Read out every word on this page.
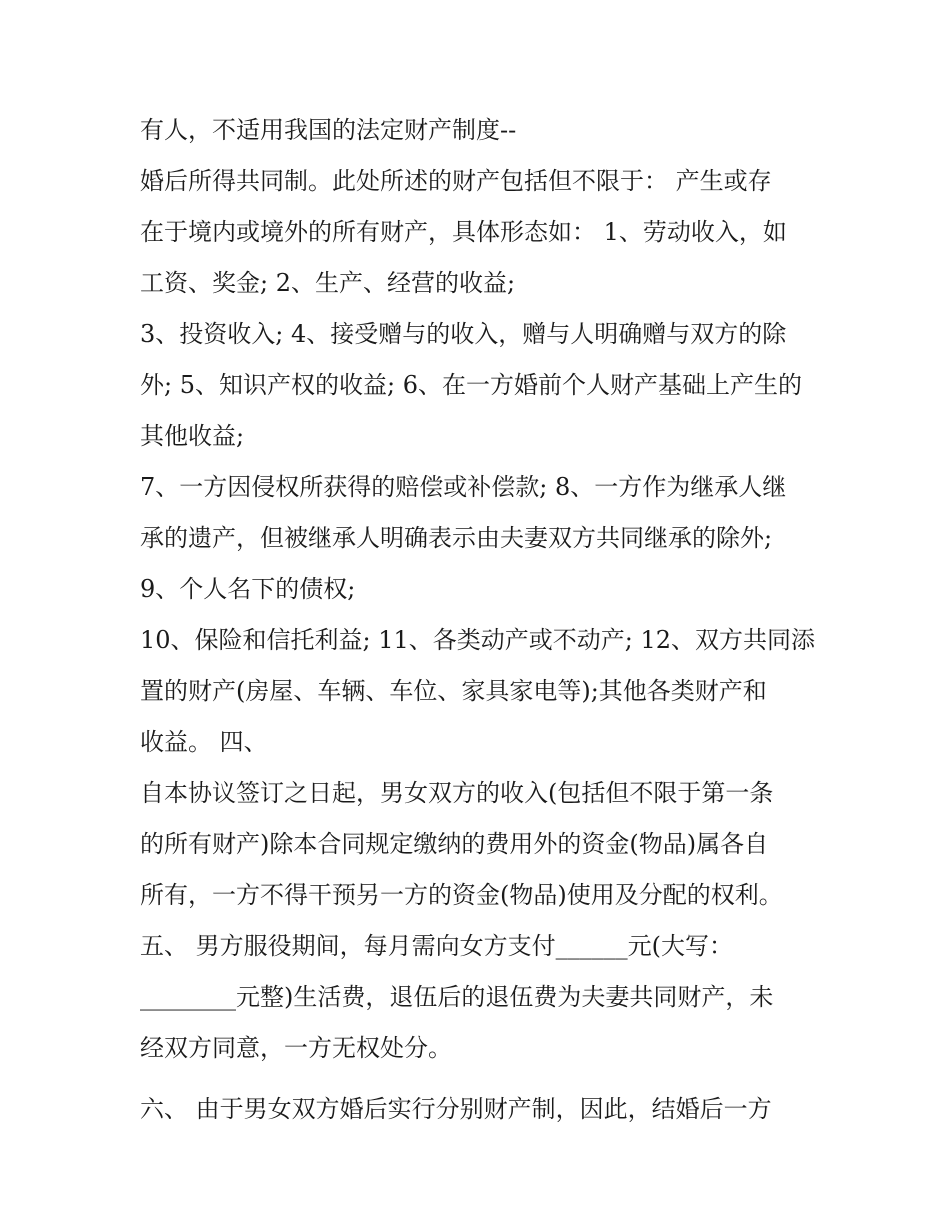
有人，不适用我国的法定财产制度--
婚后所得共同制。此处所述的财产包括但不限于： 产生或存
在于境内或境外的所有财产，具体形态如： 1、劳动收入，如
工资、奖金; 2、生产、经营的收益;
3、投资收入; 4、接受赠与的收入，赠与人明确赠与双方的除
外; 5、知识产权的收益; 6、在一方婚前个人财产基础上产生的
其他收益;
7、一方因侵权所获得的赔偿或补偿款; 8、一方作为继承人继
承的遗产，但被继承人明确表示由夫妻双方共同继承的除外;
9、个人名下的债权;
10、保险和信托利益; 11、各类动产或不动产; 12、双方共同添
置的财产(房屋、车辆、车位、家具家电等);其他各类财产和
收益。 四、
自本协议签订之日起，男女双方的收入(包括但不限于第一条
的所有财产)除本合同规定缴纳的费用外的资金(物品)属各自
所有，一方不得干预另一方的资金(物品)使用及分配的权利。
五、 男方服役期间，每月需向女方支付______元(大写：
________元整)生活费，退伍后的退伍费为夫妻共同财产，未
经双方同意，一方无权处分。
六、 由于男女双方婚后实行分别财产制，因此，结婚后一方
